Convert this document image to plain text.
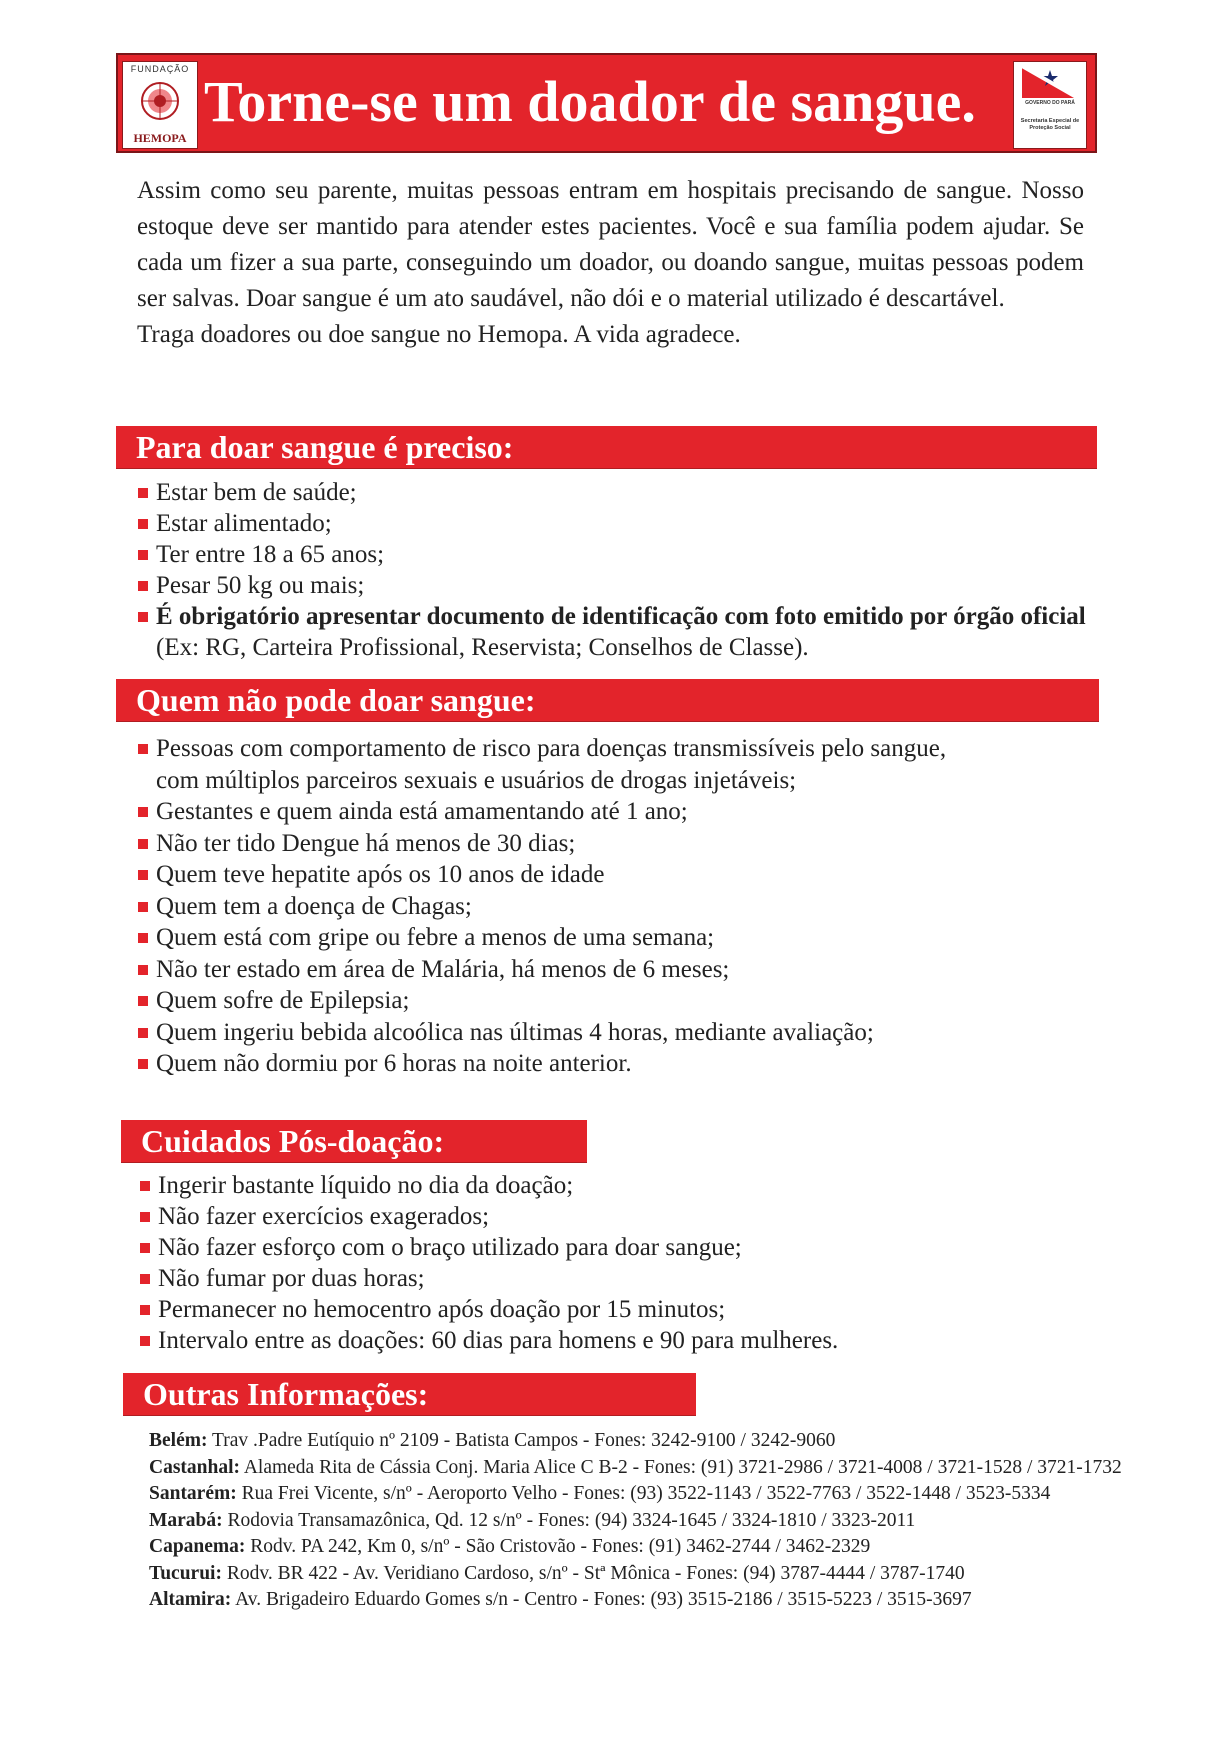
FUNDAÇÃO
HEMOPA
Torne-se um doador de sangue.	GOVERNO DO PARÁ
Secretaria Especial de Proteção Social

Assim como seu parente, muitas pessoas entram em hospitais precisando de sangue. Nosso estoque deve ser mantido para atender estes pacientes. Você e sua família podem ajudar. Se cada um fizer a sua parte, conseguindo um doador, ou doando sangue, muitas pessoas podem ser salvas. Doar sangue é um ato saudável, não dói e o material utilizado é descartável.

Traga doadores ou doe sangue no Hemopa. A vida agradece.

Para doar sangue é preciso:
Estar bem de saúde;
Estar alimentado;
Ter entre 18 a 65 anos;
Pesar 50 kg ou mais;
É obrigatório apresentar documento de identificação com foto emitido por órgão oficial (Ex: RG, Carteira Profissional, Reservista; Conselhos de Classe).
Quem não pode doar sangue:
Pessoas com comportamento de risco para doenças transmissíveis pelo sangue, com múltiplos parceiros sexuais e usuários de drogas injetáveis;
Gestantes e quem ainda está amamentando até 1 ano;
Não ter tido Dengue há menos de 30 dias;
Quem teve hepatite após os 10 anos de idade
Quem tem a doença de Chagas;
Quem está com gripe ou febre a menos de uma semana;
Não ter estado em área de Malária, há menos de 6 meses;
Quem sofre de Epilepsia;
Quem ingeriu bebida alcoólica nas últimas 4 horas, mediante avaliação;
Quem não dormiu por 6 horas na noite anterior.
Cuidados Pós-doação:
Ingerir bastante líquido no dia da doação;
Não fazer exercícios exagerados;
Não fazer esforço com o braço utilizado para doar sangue;
Não fumar por duas horas;
Permanecer no hemocentro após doação por 15 minutos;
Intervalo entre as doações: 60 dias para homens e 90 para mulheres.
Outras Informações:
Belém: Trav .Padre Eutíquio nº 2109 - Batista Campos - Fones: 3242-9100 / 3242-9060
Castanhal: Alameda Rita de Cássia Conj. Maria Alice C B-2 - Fones: (91) 3721-2986 / 3721-4008 / 3721-1528 / 3721-1732
Santarém: Rua Frei Vicente, s/nº - Aeroporto Velho - Fones: (93) 3522-1143 / 3522-7763 / 3522-1448 / 3523-5334
Marabá: Rodovia Transamazônica, Qd. 12 s/nº - Fones: (94) 3324-1645 / 3324-1810 / 3323-2011
Capanema: Rodv. PA 242, Km 0, s/nº - São Cristovão - Fones: (91) 3462-2744 / 3462-2329
Tucurui: Rodv. BR 422 - Av. Veridiano Cardoso, s/nº - Stª Mônica - Fones: (94) 3787-4444 / 3787-1740
Altamira: Av. Brigadeiro Eduardo Gomes s/n - Centro - Fones: (93) 3515-2186 / 3515-5223 / 3515-3697
